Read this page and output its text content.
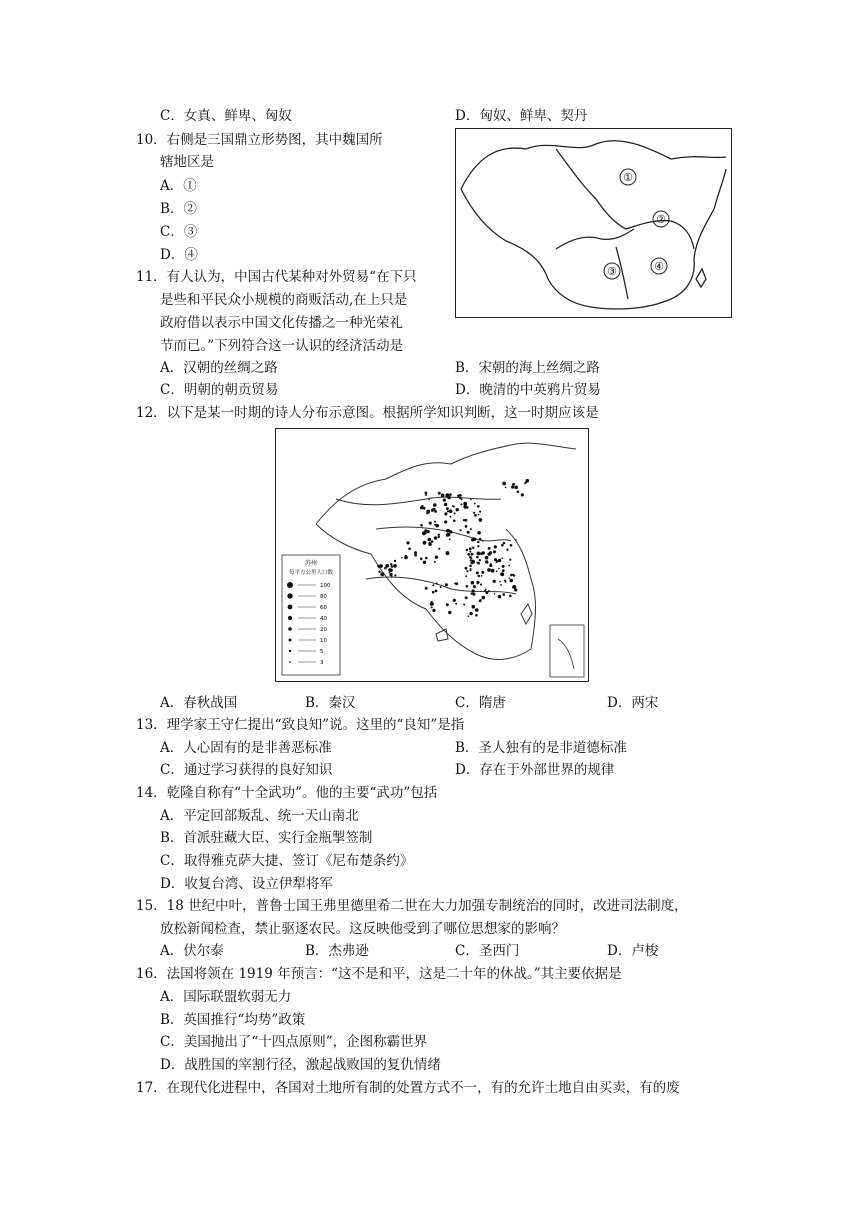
C．女真、鲜卑、匈奴	D．匈奴、鲜卑、契丹
10．右侧是三国鼎立形势图，其中魏国所
辖地区是
A．①
B．②
C．③
D．④
①
②
③	④
11．有人认为，中国古代某种对外贸易“在下只
是些和平民众小规模的商贩活动,在上只是
政府借以表示中国文化传播之一种光荣礼
节而已。”下列符合这一认识的经济活动是
A．汉朝的丝绸之路	B．宋朝的海上丝绸之路
C．明朝的朝贡贸易	D．晚清的中英鸦片贸易
12．以下是某一时期的诗人分布示意图。根据所学知识判断，这一时期应该是
苏州
每平方公里人口数
100
80
60
40
20
10
5
3
A．春秋战国	B．秦汉	C．隋唐	D．两宋
13．理学家王守仁提出“致良知”说。这里的“良知”是指
A．人心固有的是非善恶标准	B．圣人独有的是非道德标准
C．通过学习获得的良好知识	D．存在于外部世界的规律
14．乾隆自称有“十全武功”。他的主要“武功”包括
A．平定回部叛乱、统一天山南北
B．首派驻藏大臣、实行金瓶掣签制
C．取得雅克萨大捷、签订《尼布楚条约》
D．收复台湾、设立伊犁将军
15．18 世纪中叶，普鲁士国王弗里德里希二世在大力加强专制统治的同时，改进司法制度，
放松新闻检查，禁止驱逐农民。这反映他受到了哪位思想家的影响？
A．伏尔泰	B．杰弗逊	C．圣西门	D．卢梭
16．法国将领在 1919 年预言：“这不是和平，这是二十年的休战。”其主要依据是
A．国际联盟软弱无力
B．英国推行“均势”政策
C．美国抛出了“十四点原则”，企图称霸世界
D．战胜国的宰割行径，激起战败国的复仇情绪
17．在现代化进程中，各国对土地所有制的处置方式不一，有的允许土地自由买卖，有的废
